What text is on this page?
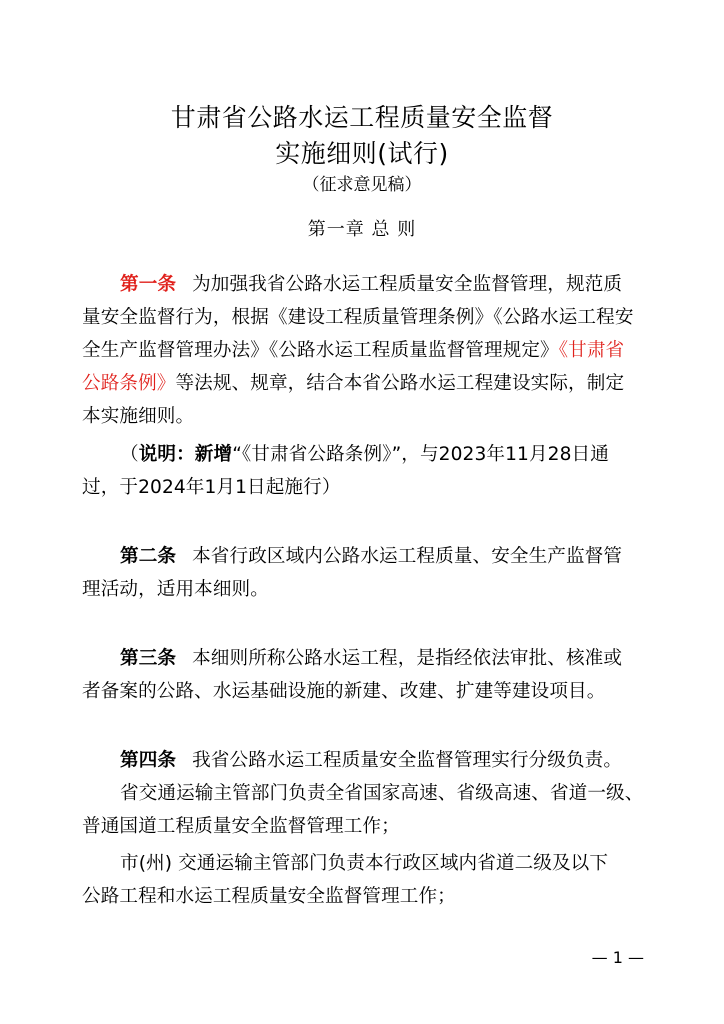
甘肃省公路水运工程质量安全监督
实施细则(试行)
（征求意见稿）
第一章 总 则
第一条 为加强我省公路水运工程质量安全监督管理，规范质
量安全监督行为，根据《建设工程质量管理条例》《公路水运工程安
全生产监督管理办法》《公路水运工程质量监督管理规定》《甘肃省
公路条例》等法规、规章，结合本省公路水运工程建设实际，制定
本实施细则。
（说明：新增“《甘肃省公路条例》”，与2023年11月28日通
过，于2024年1月1日起施行）
第二条 本省行政区域内公路水运工程质量、安全生产监督管
理活动，适用本细则。
第三条 本细则所称公路水运工程，是指经依法审批、核准或
者备案的公路、水运基础设施的新建、改建、扩建等建设项目。
第四条 我省公路水运工程质量安全监督管理实行分级负责。
省交通运输主管部门负责全省国家高速、省级高速、省道一级、
普通国道工程质量安全监督管理工作；
市(州) 交通运输主管部门负责本行政区域内省道二级及以下
公路工程和水运工程质量安全监督管理工作；
— 1 —
